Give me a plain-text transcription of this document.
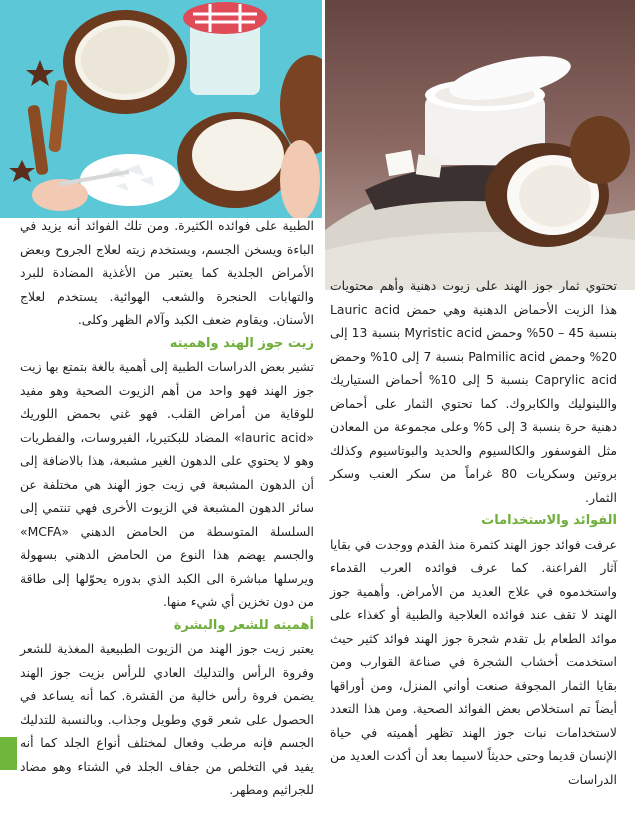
الطبية على فوائده الكثيرة. ومن تلك الفوائد أنه يزيد في الباءة ويسخن الجسم، ويستخدم زيته لعلاج الجروح وبعض الأمراض الجلدية كما يعتبر من الأغذية المضادة للبرد والتهابات الحنجرة والشعب الهوائية. يستخدم لعلاج الأسنان. ويقاوم ضعف الكبد وآلام الظهر وكلى.

زيت جوز الهند واهميته

تشير بعض الدراسات الطبية إلى أهمية بالغة بتمتع بها زيت جوز الهند فهو واحد من أهم الزيوت الصحية وهو مفيد للوقاية من أمراض القلب. فهو غني بحمض اللوريك «lauric acid» المضاد للبكتيريا، الفيروسات، والفطريات وهو لا يحتوي على الدهون الغير مشبعة، هذا بالاضافة إلى أن الدهون المشبعة في زيت جوز الهند هي مختلفة عن سائر الدهون المشبعة في الزيوت الأخرى فهي تنتمي إلى السلسلة المتوسطة من الحامض الدهني «MCFA» والجسم يهضم هذا النوع من الحامض الدهني بسهولة ويرسلها مباشرة الى الكبد الذي بدوره يحوّلها إلى طاقة من دون تخزين أي شيء منها.

أهميته للشعر والبشرة

يعتبر زيت جوز الهند من الزيوت الطبيعية المغذية للشعر وفروة الرأس والتدليك العادي للرأس بزيت جوز الهند يضمن فروة رأس خالية من القشرة. كما أنه يساعد في الحصول على شعر قوي وطويل وجذاب. وبالنسبة للتدليك الجسم فإنه مرطب وفعال لمختلف أنواع الجلد كما أنه يفيد في التخلص من جفاف الجلد في الشتاء وهو مضاد للجراثيم ومطهر.

تحتوي ثمار جوز الهند على زيوت دهنية وأهم محتويات هذا الزيت الأحماض الدهنية وهي حمض Lauric acid بنسبة 45 – 50% وحمض Myristic acid بنسبة 13 إلى 20% وحمض Palmilic acid بنسبة 7 إلى 10% وحمض Caprylic acid بنسبة 5 إلى 10% أحماض الستياريك واللينوليك والكابروك. كما تحتوي الثمار على أحماض دهنية حرة بنسبة 3 إلى 5% وعلى مجموعة من المعادن مثل الفوسفور والكالسيوم والحديد والبوتاسيوم وكذلك بروتين وسكريات 80 غراماً من سكر العنب وسكر الثمار.

الفوائد والاستخدامات

عرفت فوائد جوز الهند كثمرة منذ القدم ووجدت في بقايا آثار الفراعنة. كما عرف فوائده العرب القدماء واستخدموه في علاج العديد من الأمراض. وأهمية جوز الهند لا تقف عند فوائده العلاجية والطبية أو كغذاء على موائد الطعام بل تقدم شجرة جوز الهند فوائد كثير حيث استخدمت أخشاب الشجرة في صناعة القوارب ومن بقايا الثمار المجوفة صنعت أواني المنزل، ومن أوراقها أيضاً تم استخلاص بعض الفوائد الصحية. ومن هذا التعدد لاستخدامات نبات جوز الهند تظهر أهميته في حياة الإنسان قديما وحتى حديثاً لاسيما بعد أن أكدت العديد من الدراسات
